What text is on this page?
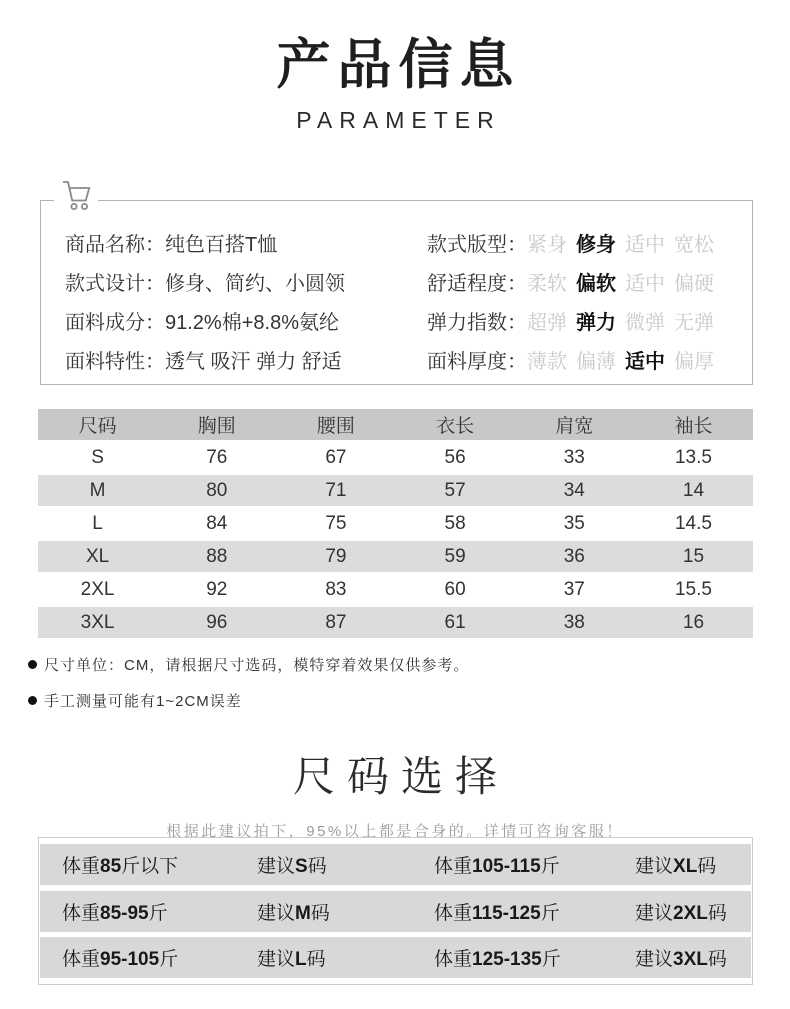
产品信息
PARAMETER
商品名称： 纯色百搭T恤
款式设计： 修身、简约、小圆领
面料成分： 91.2%棉+8.8%氨纶
面料特性： 透气 吸汗 弹力 舒适
款式版型： 紧身 修身 适中 宽松
舒适程度： 柔软 偏软 适中 偏硬
弹力指数： 超弹 弹力 微弹 无弹
面料厚度： 薄款 偏薄 适中 偏厚
尺码	胸围	腰围	衣长	肩宽	袖长
S	76	67	56	33	13.5
M	80	71	57	34	14
L	84	75	58	35	14.5
XL	88	79	59	36	15
2XL	92	83	60	37	15.5
3XL	96	87	61	38	16
尺寸单位：CM，请根据尺寸选码，模特穿着效果仅供参考。
手工测量可能有1~2CM误差
尺码选择
根据此建议拍下，95%以上都是合身的。详情可咨询客服！
体重85斤以下	建议S码	体重105-115斤	建议XL码
体重85-95斤	建议M码	体重115-125斤	建议2XL码
体重95-105斤	建议L码	体重125-135斤	建议3XL码
